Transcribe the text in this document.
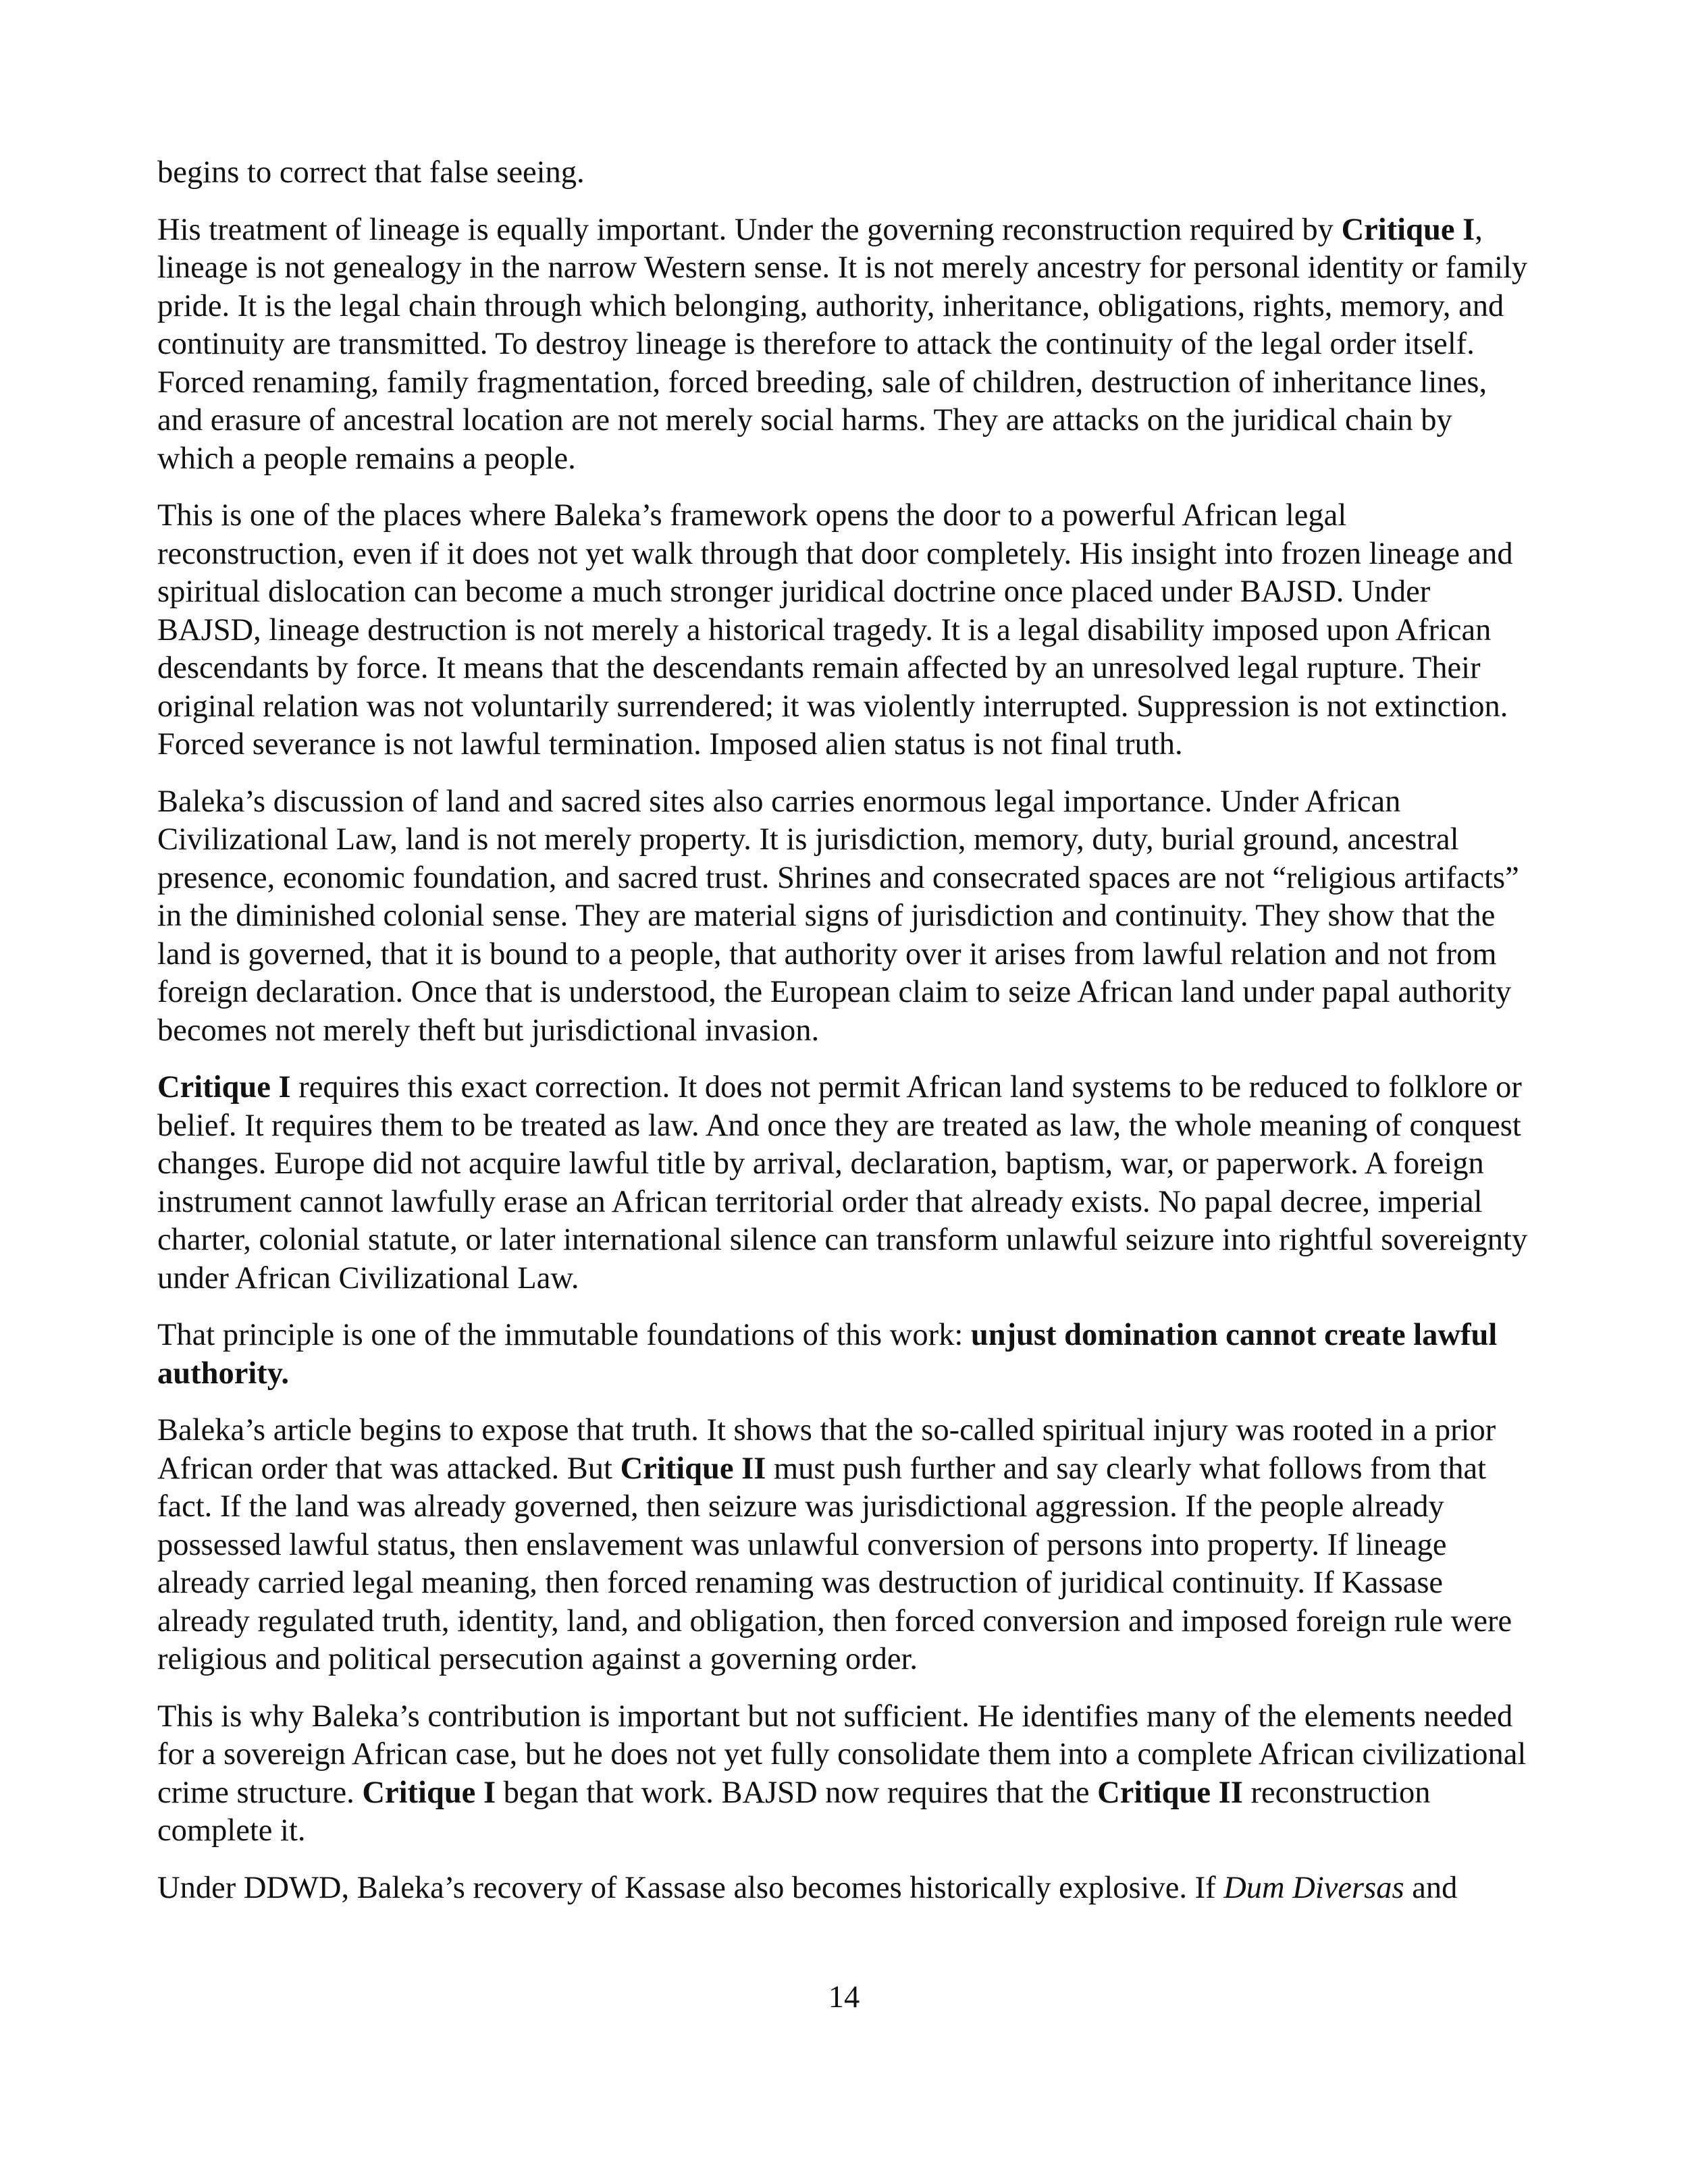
begins to correct that false seeing.

His treatment of lineage is equally important. Under the governing reconstruction required by Critique I, lineage is not genealogy in the narrow Western sense. It is not merely ancestry for personal identity or family pride. It is the legal chain through which belonging, authority, inheritance, obligations, rights, memory, and continuity are transmitted. To destroy lineage is therefore to attack the continuity of the legal order itself. Forced renaming, family fragmentation, forced breeding, sale of children, destruction of inheritance lines, and erasure of ancestral location are not merely social harms. They are attacks on the juridical chain by which a people remains a people.

This is one of the places where Baleka’s framework opens the door to a powerful African legal reconstruction, even if it does not yet walk through that door completely. His insight into frozen lineage and spiritual dislocation can become a much stronger juridical doctrine once placed under BAJSD. Under BAJSD, lineage destruction is not merely a historical tragedy. It is a legal disability imposed upon African descendants by force. It means that the descendants remain affected by an unresolved legal rupture. Their original relation was not voluntarily surrendered; it was violently interrupted. Suppression is not extinction. Forced severance is not lawful termination. Imposed alien status is not final truth.

Baleka’s discussion of land and sacred sites also carries enormous legal importance. Under African Civilizational Law, land is not merely property. It is jurisdiction, memory, duty, burial ground, ancestral presence, economic foundation, and sacred trust. Shrines and consecrated spaces are not “religious artifacts” in the diminished colonial sense. They are material signs of jurisdiction and continuity. They show that the land is governed, that it is bound to a people, that authority over it arises from lawful relation and not from foreign declaration. Once that is understood, the European claim to seize African land under papal authority becomes not merely theft but jurisdictional invasion.

Critique I requires this exact correction. It does not permit African land systems to be reduced to folklore or belief. It requires them to be treated as law. And once they are treated as law, the whole meaning of conquest changes. Europe did not acquire lawful title by arrival, declaration, baptism, war, or paperwork. A foreign instrument cannot lawfully erase an African territorial order that already exists. No papal decree, imperial charter, colonial statute, or later international silence can transform unlawful seizure into rightful sovereignty under African Civilizational Law.

That principle is one of the immutable foundations of this work: unjust domination cannot create lawful authority.

Baleka’s article begins to expose that truth. It shows that the so-called spiritual injury was rooted in a prior African order that was attacked. But Critique II must push further and say clearly what follows from that fact. If the land was already governed, then seizure was jurisdictional aggression. If the people already possessed lawful status, then enslavement was unlawful conversion of persons into property. If lineage already carried legal meaning, then forced renaming was destruction of juridical continuity. If Kassase already regulated truth, identity, land, and obligation, then forced conversion and imposed foreign rule were religious and political persecution against a governing order.

This is why Baleka’s contribution is important but not sufficient. He identifies many of the elements needed for a sovereign African case, but he does not yet fully consolidate them into a complete African civilizational crime structure. Critique I began that work. BAJSD now requires that the Critique II reconstruction complete it.

Under DDWD, Baleka’s recovery of Kassase also becomes historically explosive. If Dum Diversas and

14
